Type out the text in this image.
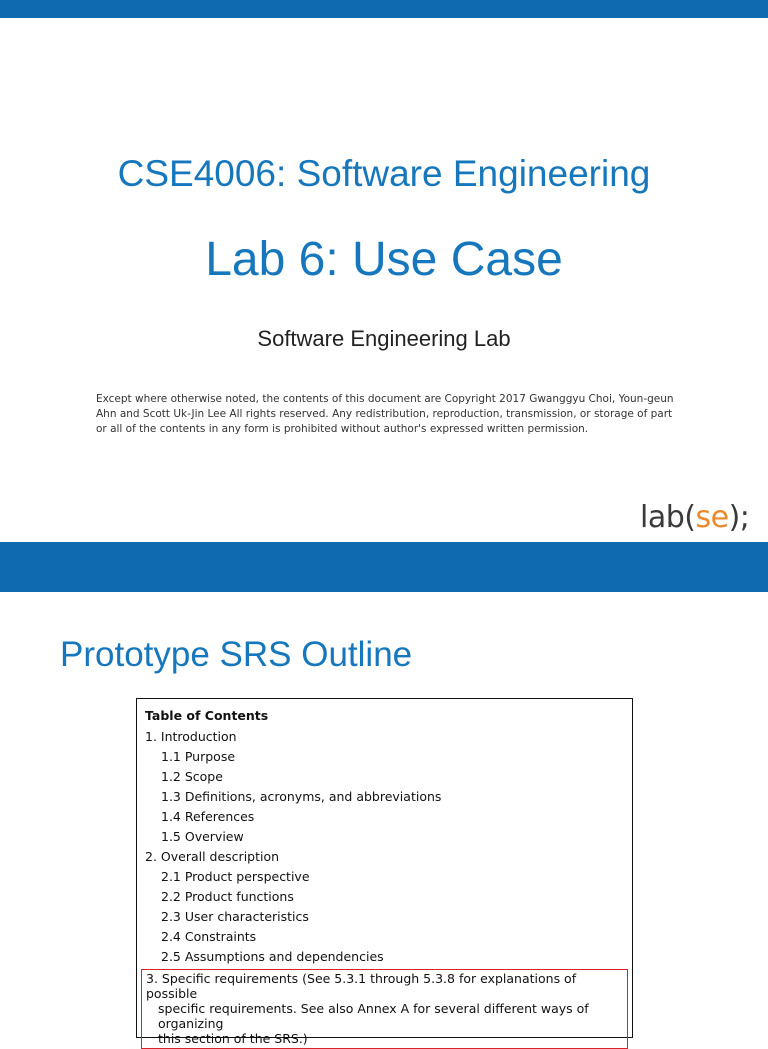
CSE4006: Software Engineering
Lab 6: Use Case
Software Engineering Lab
Except where otherwise noted, the contents of this document are Copyright 2017 Gwanggyu Choi, Youn-geun
Ahn and Scott Uk-Jin Lee All rights reserved. Any redistribution, reproduction, transmission, or storage of part
or all of the contents in any form is prohibited without author's expressed written permission.
lab(se);
Prototype SRS Outline
Table of Contents
1. Introduction
1.1 Purpose
1.2 Scope
1.3 Definitions, acronyms, and abbreviations
1.4 References
1.5 Overview
2. Overall description
2.1 Product perspective
2.2 Product functions
2.3 User characteristics
2.4 Constraints
2.5 Assumptions and dependencies
3. Specific requirements (See 5.3.1 through 5.3.8 for explanations of possible
specific requirements. See also Annex A for several different ways of organizing
this section of the SRS.)
